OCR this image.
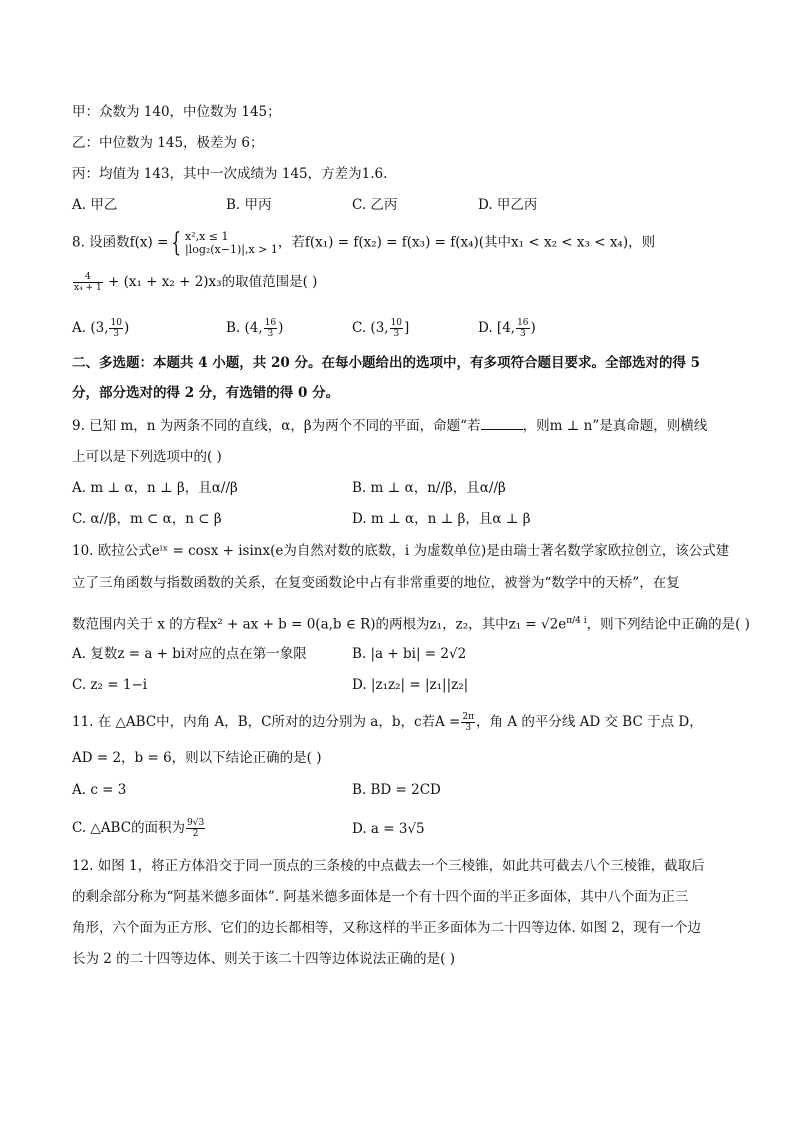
甲：众数为 140，中位数为 145；
乙：中位数为 145，极差为 6；
丙：均值为 143，其中一次成绩为 145，方差为1.6.
A. 甲乙	B. 甲丙	C. 乙丙	D. 甲乙丙
8. 设函数f(x) = { x²,x ≤ 1
|log₂(x−1)|,x > 1 ，若f(x₁) = f(x₂) = f(x₃) = f(x₄)(其中x₁ < x₂ < x₃ < x₄)，则
$\frac{4}{\text{x₄ + 1}} + (x_1 + x_2 + 2)x_3$的取值范围是( )
A. (3, $\frac{10}{3}$ )	B. (4, $\frac{16}{3}$ )	C. (3, $\frac{10}{3}$ ]	D. [4, $\frac{16}{3}$ )
二、多选题：本题共 4 小题，共 20 分。在每小题给出的选项中，有多项符合题目要求。全部选对的得 5
分，部分选对的得 2 分，有选错的得 0 分。
9. 已知 m，n 为两条不同的直线，α，β为两个不同的平面，命题“若	，则m ⊥ n”是真命题，则横线
上可以是下列选项中的( )
A. m ⊥ α，n ⊥ β，且α//β	B. m ⊥ α，n//β，且α//β
C. α//β，m ⊂ α，n ⊂ β	D. m ⊥ α，n ⊥ β，且α ⊥ β
10. 欧拉公式eⁱˣ = cosx + isinx(e为自然对数的底数，i 为虚数单位)是由瑞士著名数学家欧拉创立，该公式建
立了三角函数与指数函数的关系，在复变函数论中占有非常重要的地位，被誉为“数学中的天桥”，在复
数范围内关于 x 的方程x² + ax + b = 0(a,b ∈ R)的两根为z₁，z₂，其中$z_1 = √2e^{\pi/4 i}$，则下列结论中正确的是( )
A. 复数z = a + bi对应的点在第一象限	B. |a + bi| = 2√2
C. z₂ = 1−i	D. |z₁z₂| = |z₁||z₂|
11. 在 △ABC中，内角 A，B，C所对的边分别为 a，b，c若$A = \frac{2\pi}{3}$ ，角 A 的平分线 AD 交 BC 于点 D，
AD = 2，b = 6，则以下结论正确的是( )
A. c = 3	B. BD = 2CD
C. △ABC的面积为 $\frac{9√3}{2}$	D. a = 3√5
12. 如图 1，将正方体沿交于同一顶点的三条棱的中点截去一个三棱锥，如此共可截去八个三棱锥，截取后
的剩余部分称为“阿基米德多面体”. 阿基米德多面体是一个有十四个面的半正多面体，其中八个面为正三
角形，六个面为正方形、它们的边长都相等，又称这样的半正多面体为二十四等边体. 如图 2，现有一个边
长为 2 的二十四等边体、则关于该二十四等边体说法正确的是( )
